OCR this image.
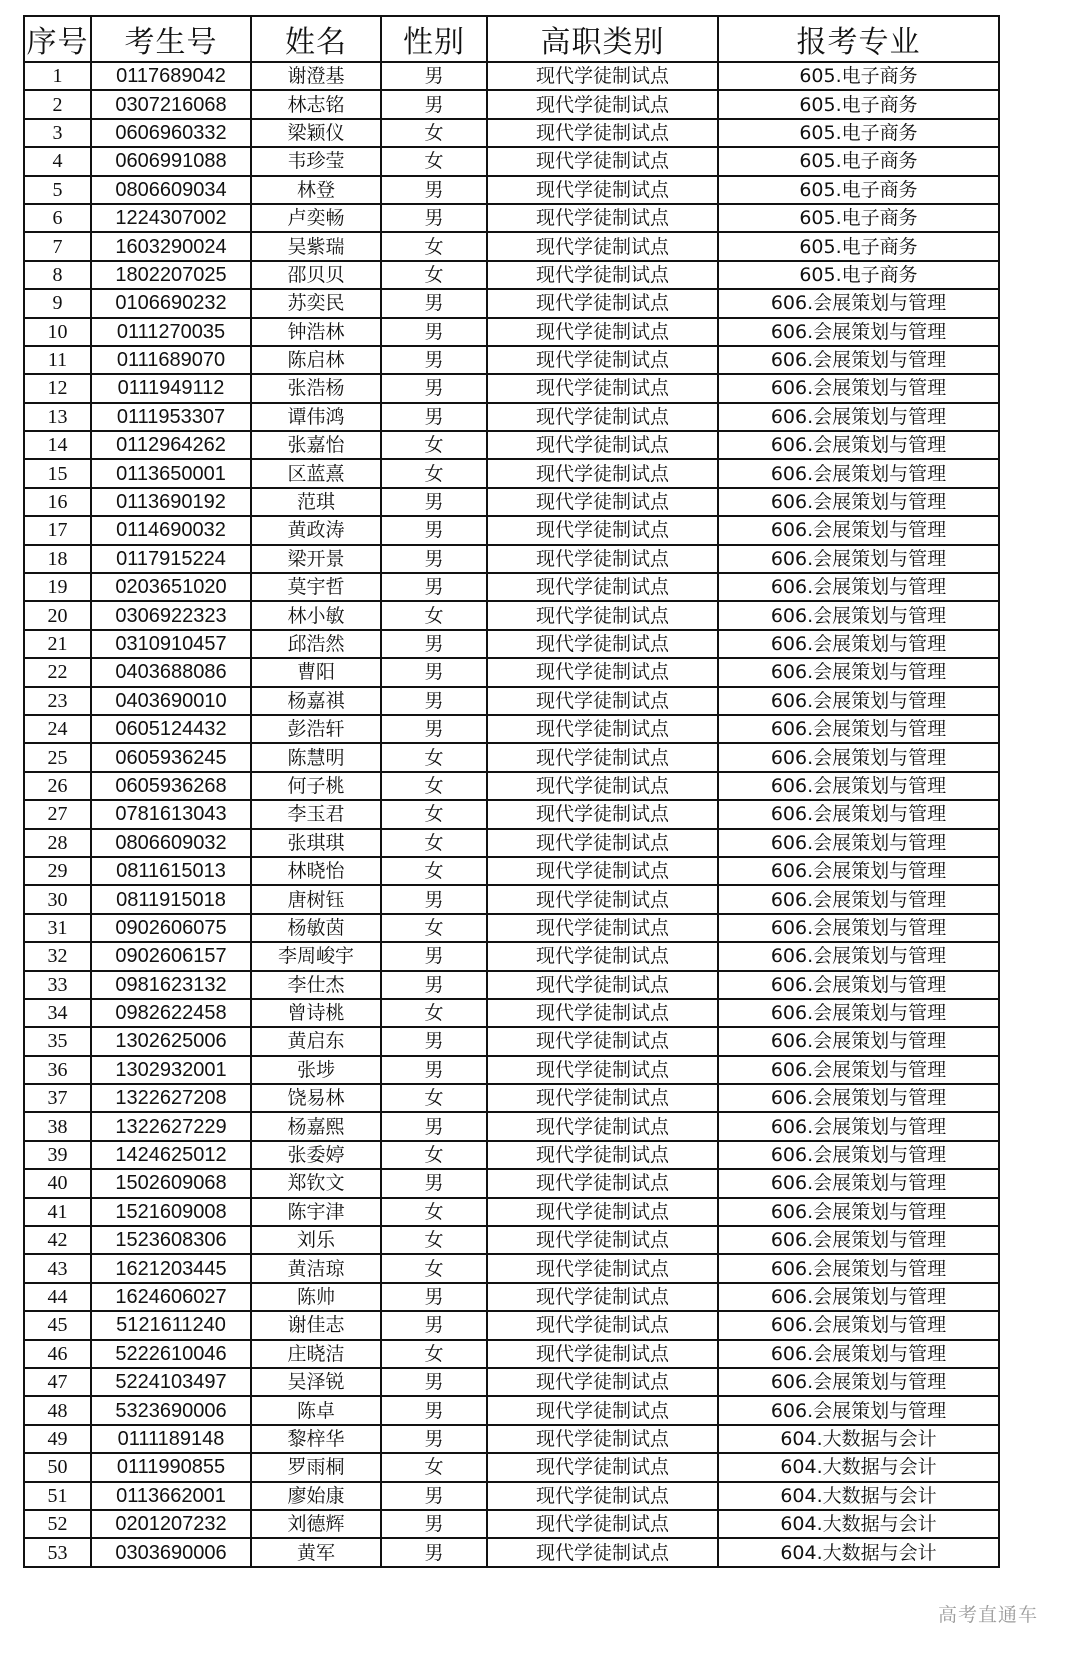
序号	考生号	姓名	性别	高职类别	报考专业
1	0117689042	谢澄基	男	现代学徒制试点	605.电子商务
2	0307216068	林志铭	男	现代学徒制试点	605.电子商务
3	0606960332	梁颖仪	女	现代学徒制试点	605.电子商务
4	0606991088	韦珍莹	女	现代学徒制试点	605.电子商务
5	0806609034	林登	男	现代学徒制试点	605.电子商务
6	1224307002	卢奕畅	男	现代学徒制试点	605.电子商务
7	1603290024	吴紫瑞	女	现代学徒制试点	605.电子商务
8	1802207025	邵贝贝	女	现代学徒制试点	605.电子商务
9	0106690232	苏奕民	男	现代学徒制试点	606.会展策划与管理
10	0111270035	钟浩林	男	现代学徒制试点	606.会展策划与管理
11	0111689070	陈启林	男	现代学徒制试点	606.会展策划与管理
12	0111949112	张浩杨	男	现代学徒制试点	606.会展策划与管理
13	0111953307	谭伟鸿	男	现代学徒制试点	606.会展策划与管理
14	0112964262	张嘉怡	女	现代学徒制试点	606.会展策划与管理
15	0113650001	区蓝熹	女	现代学徒制试点	606.会展策划与管理
16	0113690192	范琪	男	现代学徒制试点	606.会展策划与管理
17	0114690032	黄政涛	男	现代学徒制试点	606.会展策划与管理
18	0117915224	梁开景	男	现代学徒制试点	606.会展策划与管理
19	0203651020	莫宇哲	男	现代学徒制试点	606.会展策划与管理
20	0306922323	林小敏	女	现代学徒制试点	606.会展策划与管理
21	0310910457	邱浩然	男	现代学徒制试点	606.会展策划与管理
22	0403688086	曹阳	男	现代学徒制试点	606.会展策划与管理
23	0403690010	杨嘉祺	男	现代学徒制试点	606.会展策划与管理
24	0605124432	彭浩轩	男	现代学徒制试点	606.会展策划与管理
25	0605936245	陈慧明	女	现代学徒制试点	606.会展策划与管理
26	0605936268	何子桃	女	现代学徒制试点	606.会展策划与管理
27	0781613043	李玉君	女	现代学徒制试点	606.会展策划与管理
28	0806609032	张琪琪	女	现代学徒制试点	606.会展策划与管理
29	0811615013	林晓怡	女	现代学徒制试点	606.会展策划与管理
30	0811915018	唐树钰	男	现代学徒制试点	606.会展策划与管理
31	0902606075	杨敏茵	女	现代学徒制试点	606.会展策划与管理
32	0902606157	李周峻宇	男	现代学徒制试点	606.会展策划与管理
33	0981623132	李仕杰	男	现代学徒制试点	606.会展策划与管理
34	0982622458	曾诗桃	女	现代学徒制试点	606.会展策划与管理
35	1302625006	黄启东	男	现代学徒制试点	606.会展策划与管理
36	1302932001	张埗	男	现代学徒制试点	606.会展策划与管理
37	1322627208	饶易林	女	现代学徒制试点	606.会展策划与管理
38	1322627229	杨嘉熙	男	现代学徒制试点	606.会展策划与管理
39	1424625012	张委婷	女	现代学徒制试点	606.会展策划与管理
40	1502609068	郑钦文	男	现代学徒制试点	606.会展策划与管理
41	1521609008	陈宇津	女	现代学徒制试点	606.会展策划与管理
42	1523608306	刘乐	女	现代学徒制试点	606.会展策划与管理
43	1621203445	黄洁琼	女	现代学徒制试点	606.会展策划与管理
44	1624606027	陈帅	男	现代学徒制试点	606.会展策划与管理
45	5121611240	谢佳志	男	现代学徒制试点	606.会展策划与管理
46	5222610046	庄晓洁	女	现代学徒制试点	606.会展策划与管理
47	5224103497	吴泽锐	男	现代学徒制试点	606.会展策划与管理
48	5323690006	陈卓	男	现代学徒制试点	606.会展策划与管理
49	0111189148	黎梓华	男	现代学徒制试点	604.大数据与会计
50	0111990855	罗雨桐	女	现代学徒制试点	604.大数据与会计
51	0113662001	廖始康	男	现代学徒制试点	604.大数据与会计
52	0201207232	刘德辉	男	现代学徒制试点	604.大数据与会计
53	0303690006	黄军	男	现代学徒制试点	604.大数据与会计
高考直通车
